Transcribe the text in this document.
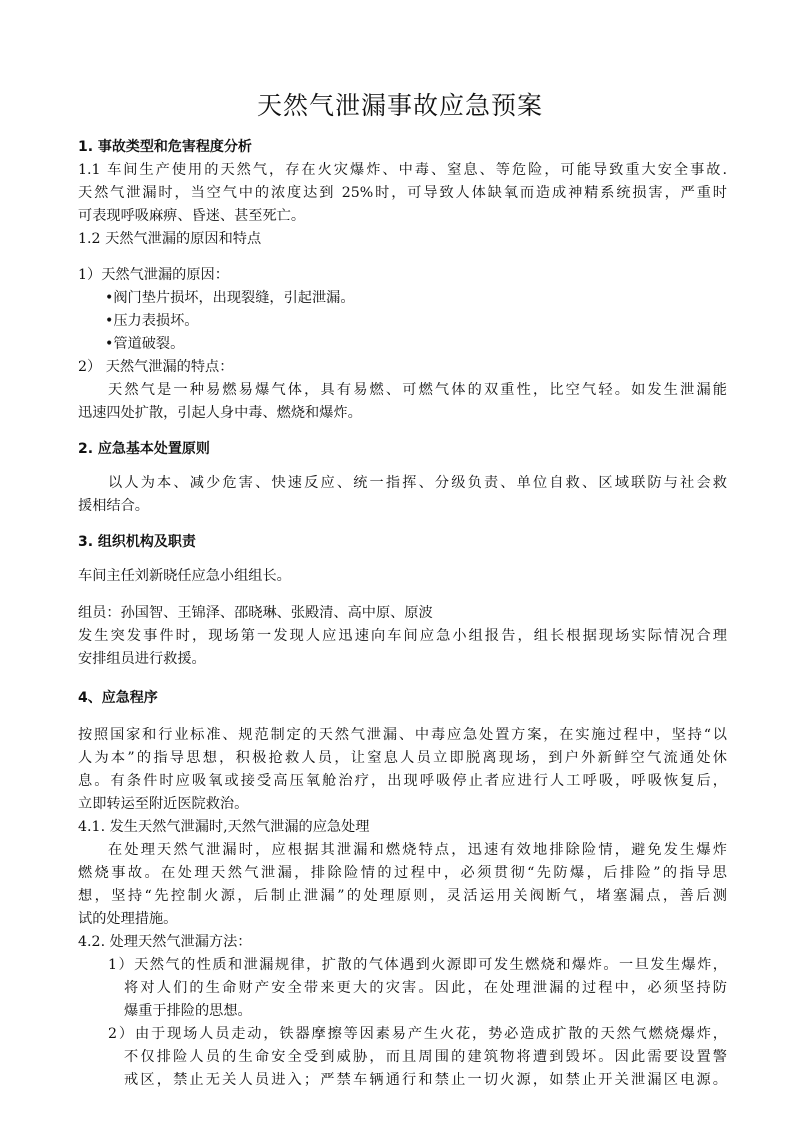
天然气泄漏事故应急预案

1. 事故类型和危害程度分析

1.1 车间生产使用的天然气，存在火灾爆炸、中毒、窒息、等危险，可能导致重大安全事故.

天然气泄漏时，当空气中的浓度达到 25%时，可导致人体缺氧而造成神精系统损害，严重时

可表现呼吸麻痹、昏迷、甚至死亡。

1.2 天然气泄漏的原因和特点

1）天然气泄漏的原因：

•阀门垫片损坏，出现裂缝，引起泄漏。

•压力表损坏。

•管道破裂。

2） 天然气泄漏的特点：

天然气是一种易燃易爆气体，具有易燃、可燃气体的双重性，比空气轻。如发生泄漏能

迅速四处扩散，引起人身中毒、燃烧和爆炸。

2. 应急基本处置原则

以人为本、减少危害、快速反应、统一指挥、分级负责、单位自救、区域联防与社会救

援相结合。

3. 组织机构及职责

车间主任刘新晓任应急小组组长。

组员：孙国智、王锦泽、邵晓琳、张殿清、高中原、原波

发生突发事件时，现场第一发现人应迅速向车间应急小组报告，组长根据现场实际情况合理

安排组员进行救援。

4、应急程序

按照国家和行业标准、规范制定的天然气泄漏、中毒应急处置方案，在实施过程中，坚持“以

人为本”的指导思想，积极抢救人员，让窒息人员立即脱离现场，到户外新鲜空气流通处休

息。有条件时应吸氧或接受高压氧舱治疗，出现呼吸停止者应进行人工呼吸，呼吸恢复后，

立即转运至附近医院救治。

4.1. 发生天然气泄漏时,天然气泄漏的应急处理

在处理天然气泄漏时，应根据其泄漏和燃烧特点，迅速有效地排除险情，避免发生爆炸

燃烧事故。在处理天然气泄漏，排除险情的过程中，必须贯彻“先防爆，后排险”的指导思

想，坚持“先控制火源，后制止泄漏”的处理原则，灵活运用关阀断气，堵塞漏点，善后测

试的处理措施。

4.2. 处理天然气泄漏方法：

1）天然气的性质和泄漏规律，扩散的气体遇到火源即可发生燃烧和爆炸。一旦发生爆炸，

将对人们的生命财产安全带来更大的灾害。因此，在处理泄漏的过程中，必须坚持防

爆重于排险的思想。

2）由于现场人员走动，铁器摩擦等因素易产生火花，势必造成扩散的天然气燃烧爆炸，

不仅排险人员的生命安全受到威胁，而且周围的建筑物将遭到毁坏。因此需要设置警

戒区，禁止无关人员进入；严禁车辆通行和禁止一切火源，如禁止开关泄漏区电源。
